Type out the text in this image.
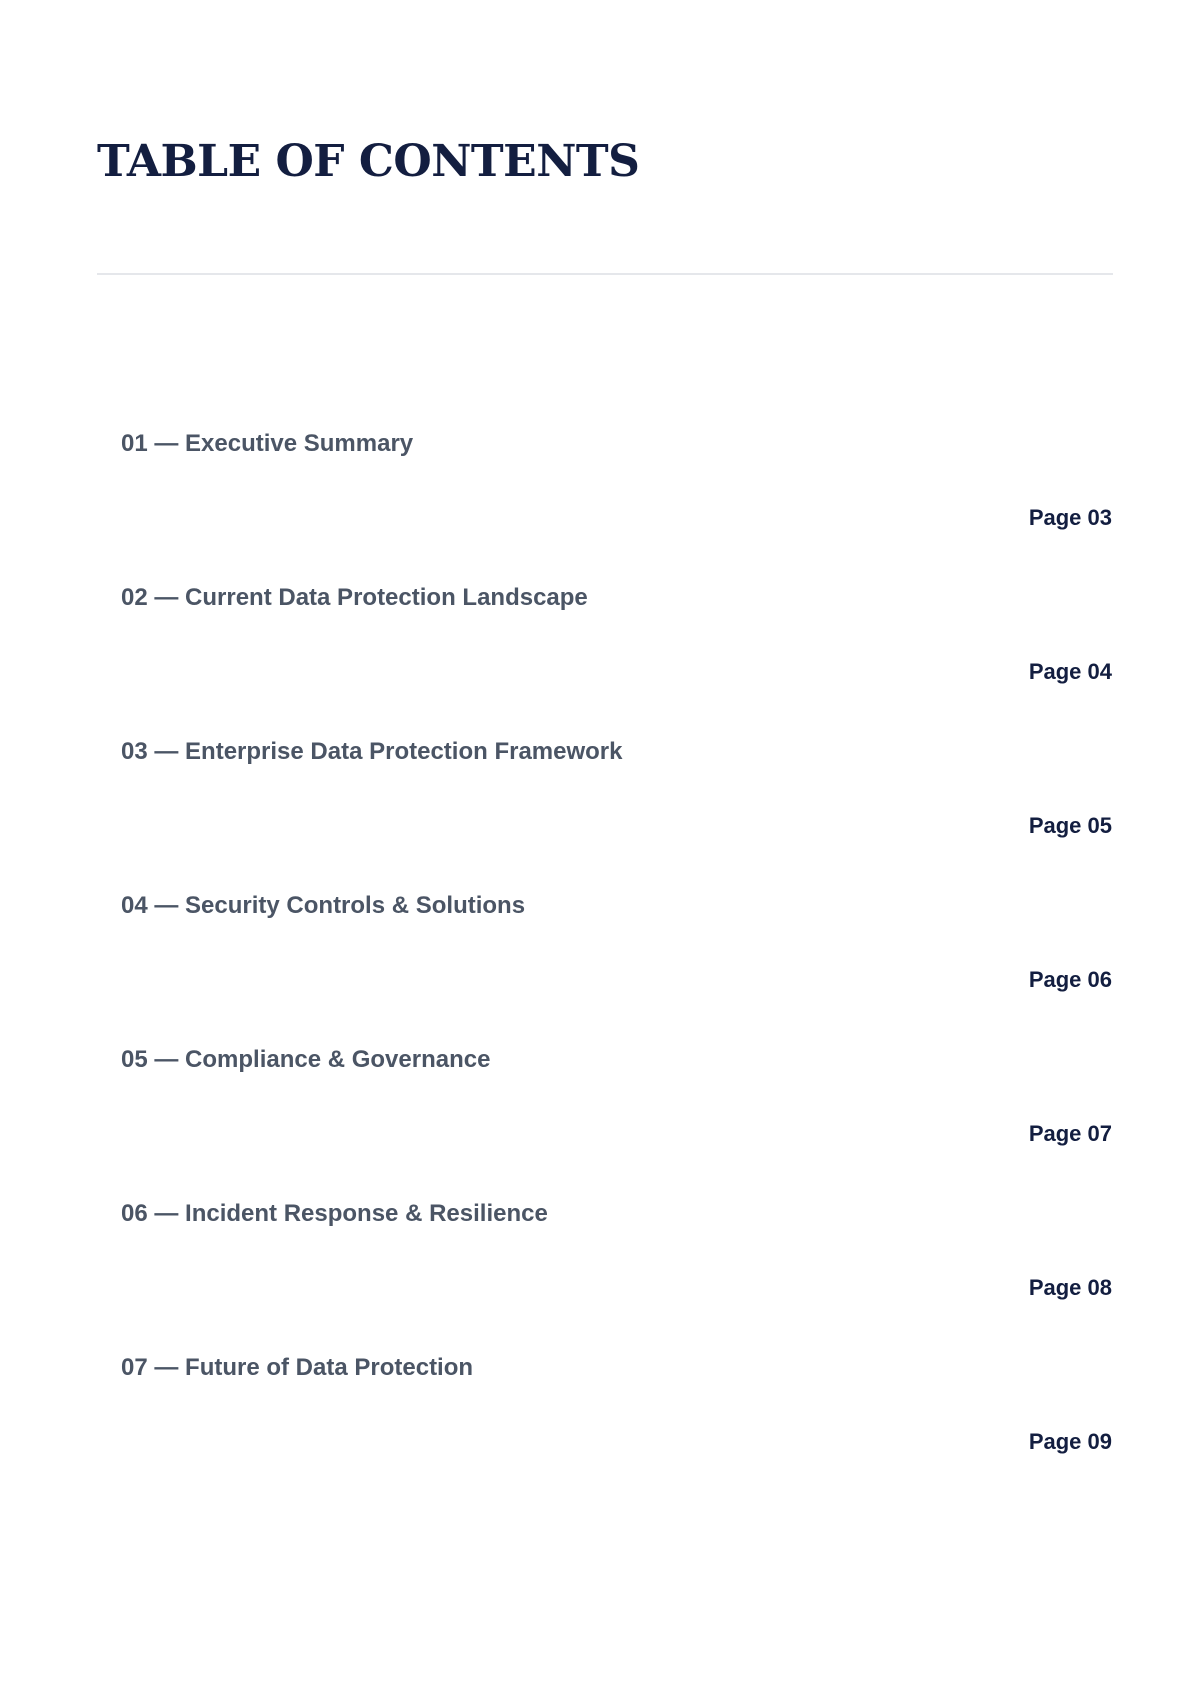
TABLE OF CONTENTS
01 — Executive Summary
Page 03
02 — Current Data Protection Landscape
Page 04
03 — Enterprise Data Protection Framework
Page 05
04 — Security Controls & Solutions
Page 06
05 — Compliance & Governance
Page 07
06 — Incident Response & Resilience
Page 08
07 — Future of Data Protection
Page 09
